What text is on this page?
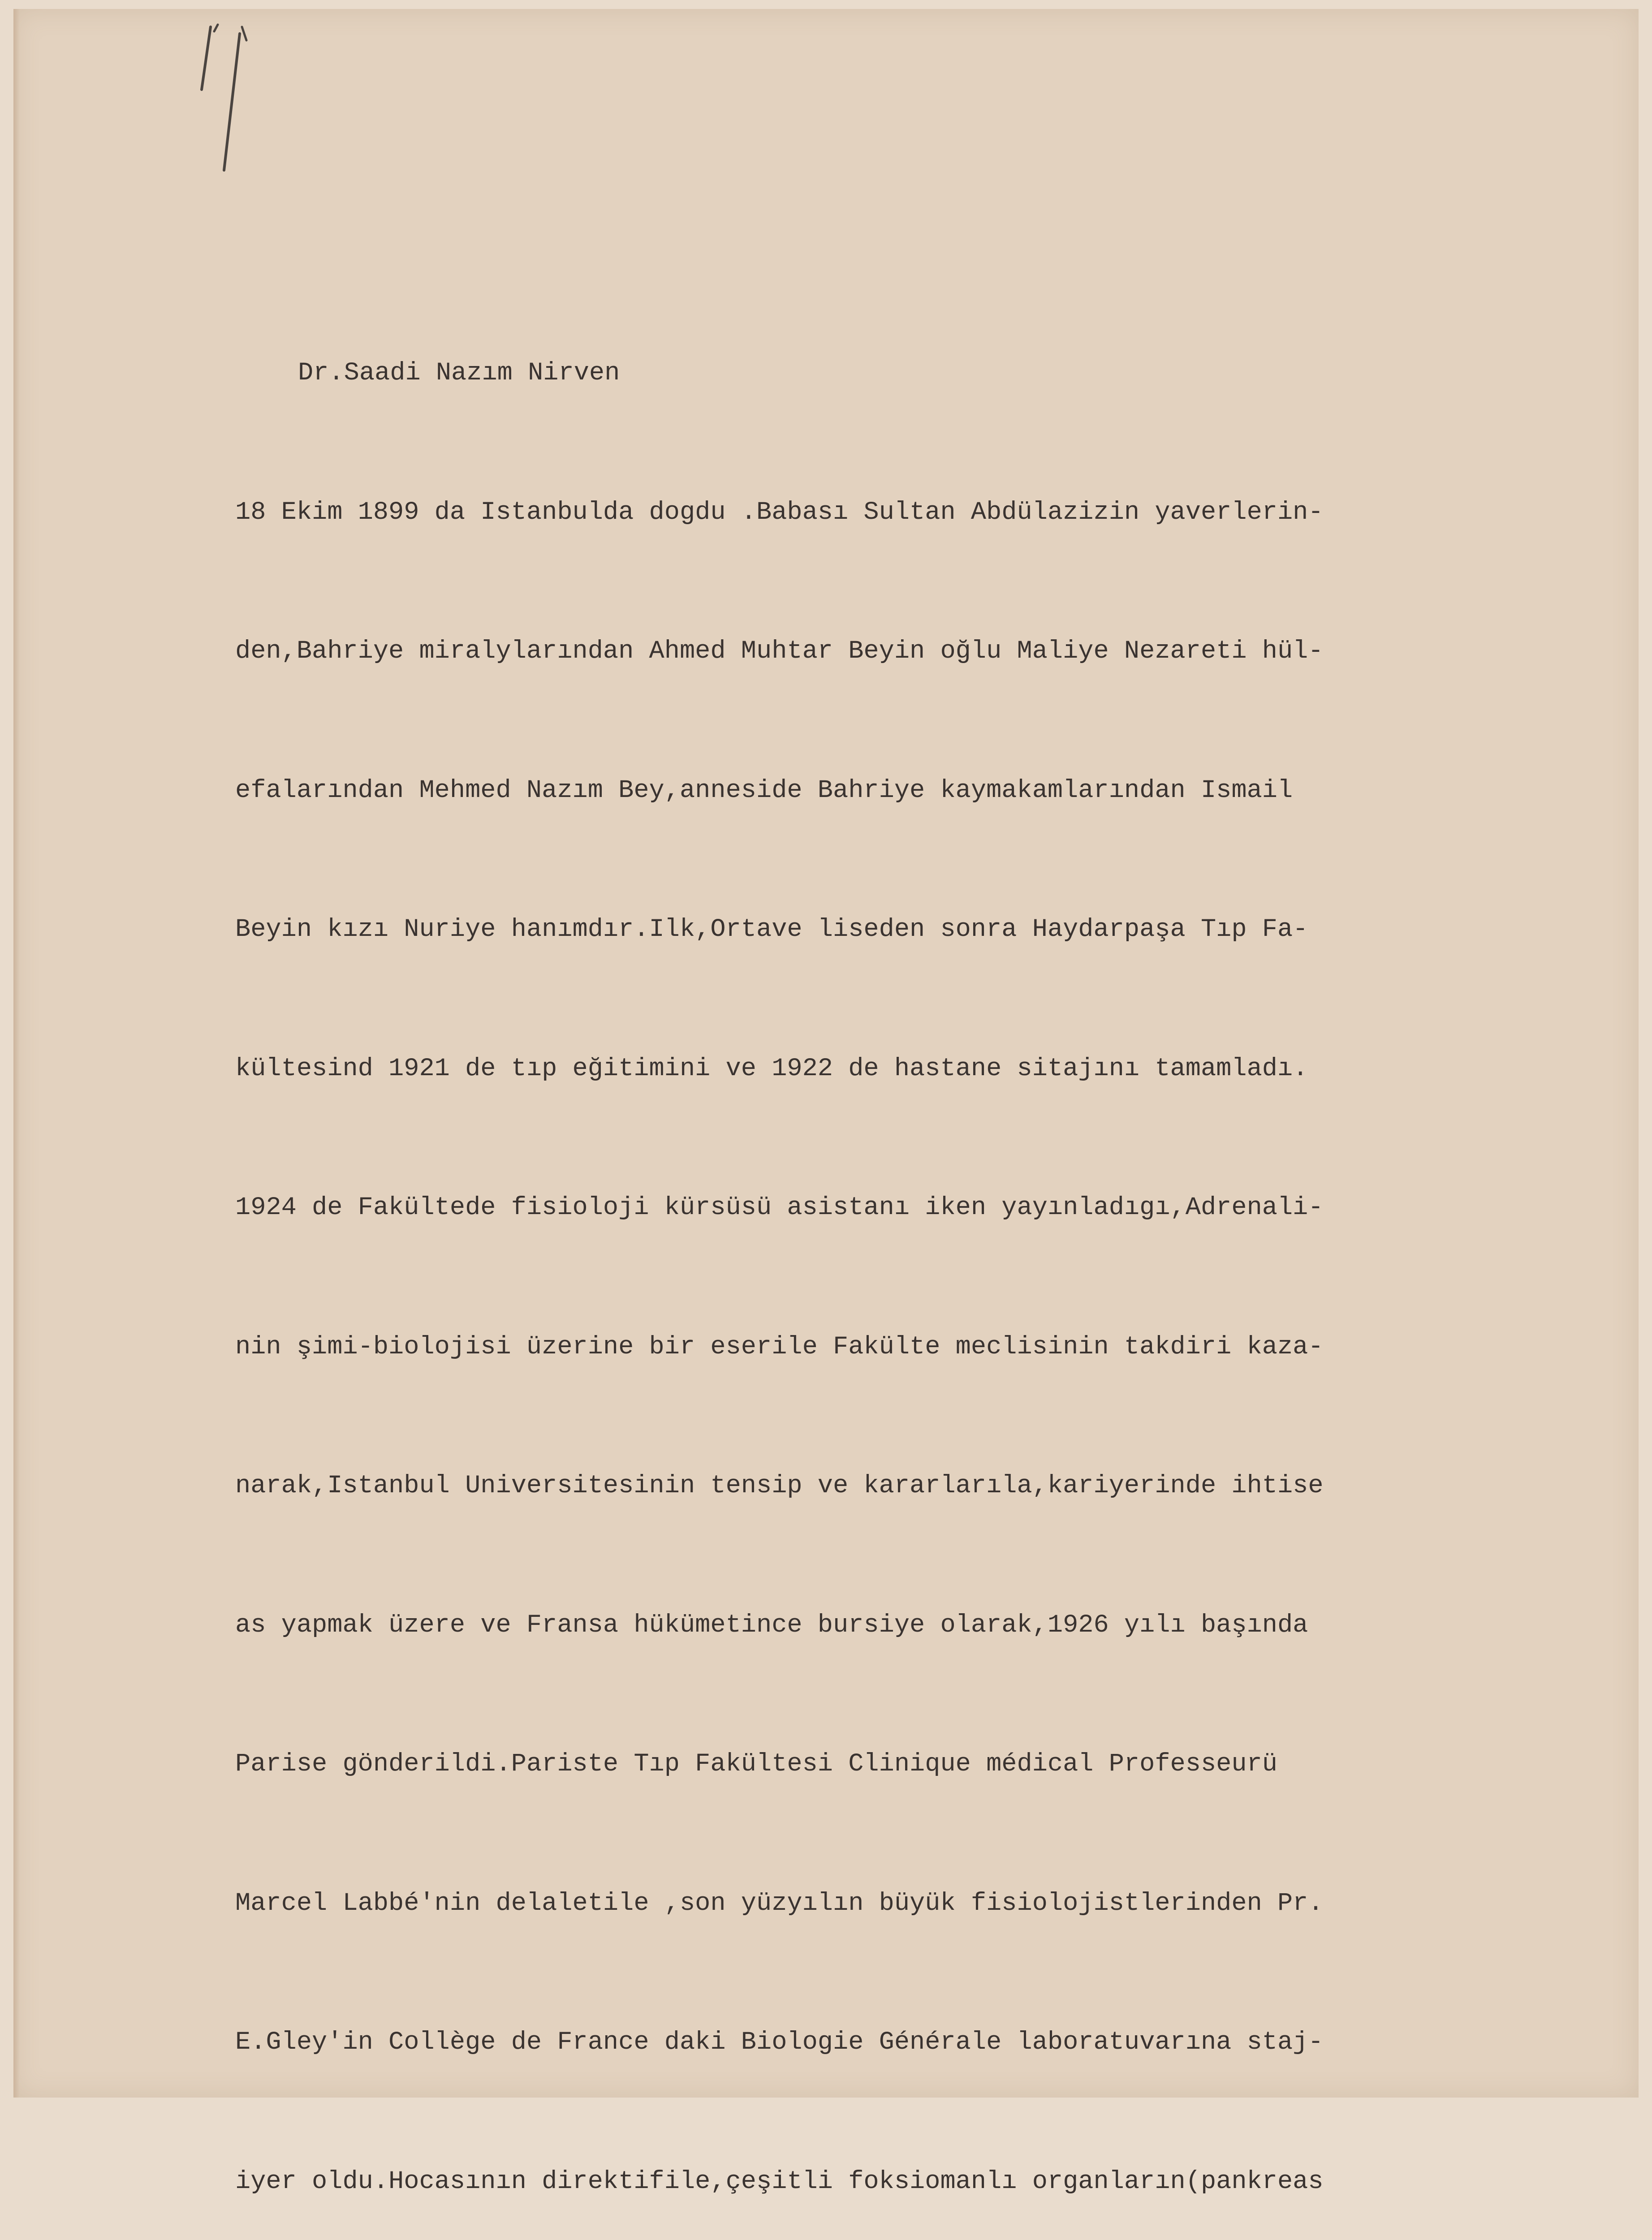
Dr.Saadi Nazım Nirven

18 Ekim 1899 da Istanbulda dogdu .Babası Sultan Abdülazizin yaverlerin-

den,Bahriye miralylarından Ahmed Muhtar Beyin oğlu Maliye Nezareti hül-

efalarından Mehmed Nazım Bey,anneside Bahriye kaymakamlarından Ismail

Beyin kızı Nuriye hanımdır.Ilk,Ortave liseden sonra Haydarpaşa Tıp Fa-

kültesind 1921 de tıp eğitimini ve 1922 de hastane sitajını tamamladı.

1924 de Fakültede fisioloji kürsüsü asistanı iken yayınladıgı,Adrenali-

nin şimi-biolojisi üzerine bir eserile Fakülte meclisinin takdiri kaza-

narak,Istanbul Universitesinin tensip ve kararlarıla,kariyerinde ihtise

as yapmak üzere ve Fransa hükümetince bursiye olarak,1926 yılı başında

Parise gönderildi.Pariste Tıp Fakültesi Clinique médical Professeurü

Marcel Labbé'nin delaletile ,son yüzyılın büyük fisiolojistlerinden Pr.

E.Gley'in Collège de France daki Biologie Générale laboratuvarına staj-

iyer oldu.Hocasının direktifile,çeşitli foksiomanlı organların(pankreas
